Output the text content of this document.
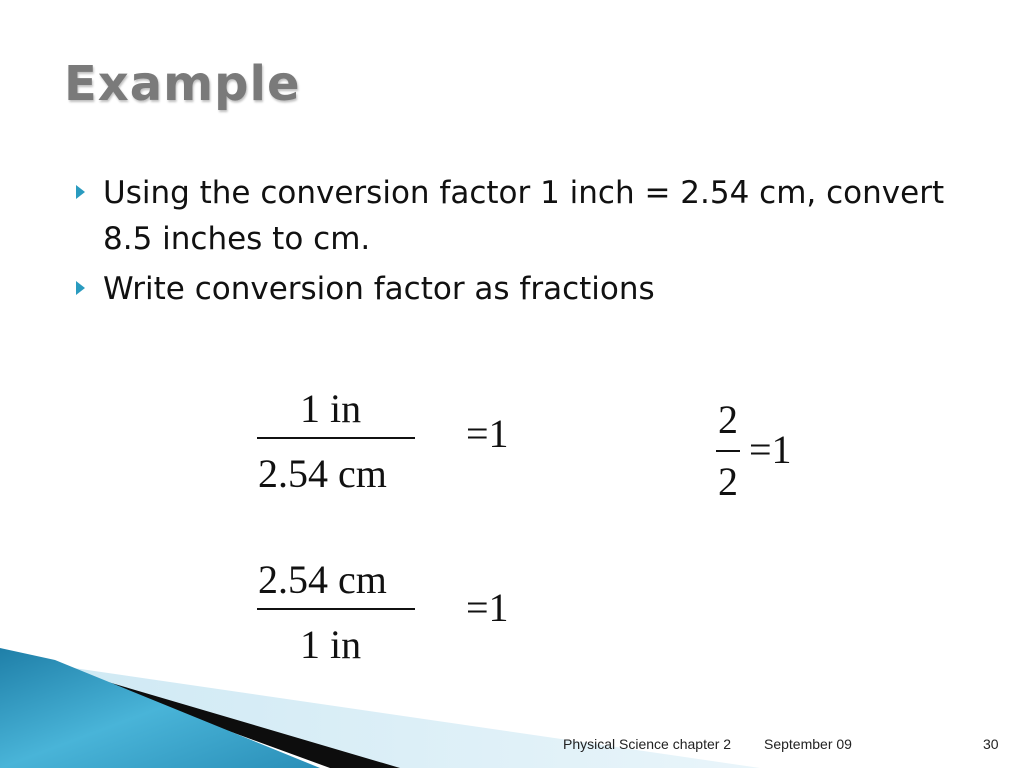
Example
Using the conversion factor 1 inch = 2.54 cm, convert 8.5 inches to cm.
Write conversion factor as fractions
1 in
2.54 cm
=1
2.54 cm
1 in
=1
2
2
=1
Physical Science chapter 2 September 09	30
